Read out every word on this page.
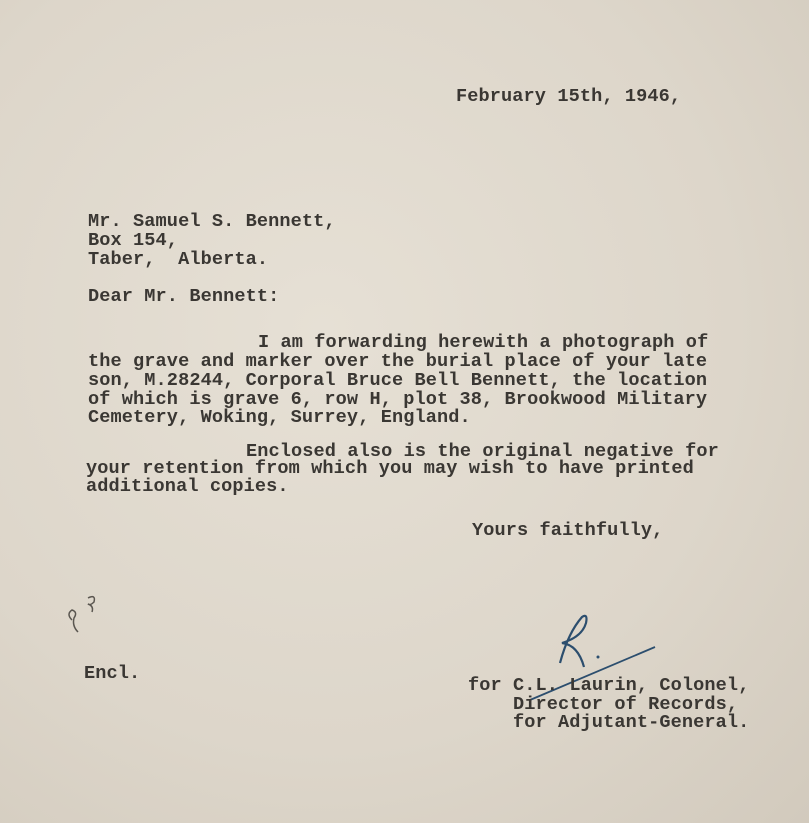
February 15th, 1946,
Mr. Samuel S. Bennett,
Box 154,
Taber,  Alberta.
Dear Mr. Bennett:
I am forwarding herewith a photograph of
the grave and marker over the burial place of your late
son, M.28244, Corporal Bruce Bell Bennett, the location
of which is grave 6, row H, plot 38, Brookwood Military
Cemetery, Woking, Surrey, England.
Enclosed also is the original negative for
your retention from which you may wish to have printed
additional copies.
Yours faithfully,
Encl.
for C.L. Laurin, Colonel,
Director of Records,
for Adjutant-General.
